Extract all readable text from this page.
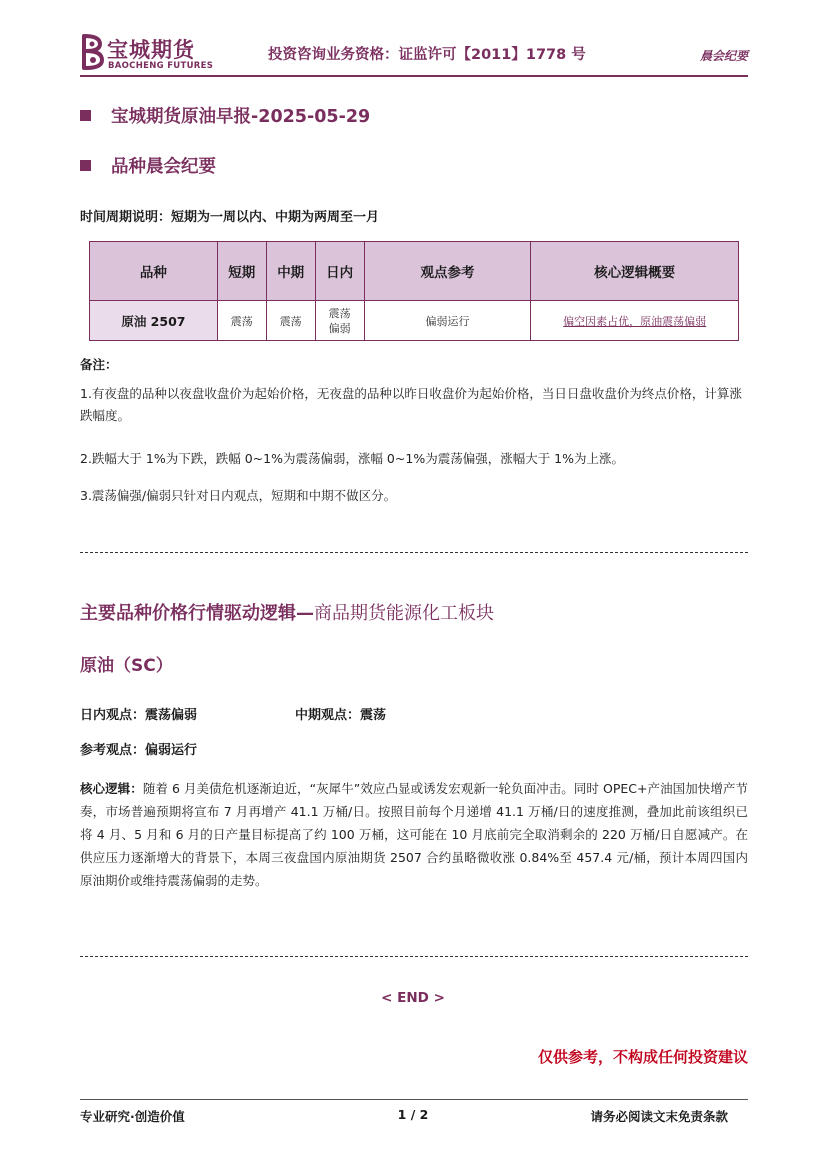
宝城期货
BAOCHENG FUTURES
投资咨询业务资格：证监许可【2011】1778 号	晨会纪要
宝城期货原油早报-2025-05-29
品种晨会纪要
时间周期说明：短期为一周以内、中期为两周至一月
品种	短期	中期	日内	观点参考	核心逻辑概要
原油 2507	震荡	震荡	震荡偏弱	偏弱运行	偏空因素占优，原油震荡偏弱
备注：
1.有夜盘的品种以夜盘收盘价为起始价格，无夜盘的品种以昨日收盘价为起始价格，当日日盘收盘价为终点价格，计算涨跌幅度。
2.跌幅大于 1%为下跌，跌幅 0~1%为震荡偏弱，涨幅 0~1%为震荡偏强，涨幅大于 1%为上涨。
3.震荡偏强/偏弱只针对日内观点，短期和中期不做区分。
主要品种价格行情驱动逻辑—商品期货能源化工板块
原油（SC）
日内观点：震荡偏弱	中期观点：震荡
参考观点：偏弱运行
核心逻辑：随着 6 月美债危机逐渐迫近，“灰犀牛”效应凸显或诱发宏观新一轮负面冲击。同时 OPEC+产油国加快增产节奏，市场普遍预期将宣布 7 月再增产 41.1 万桶/日。按照目前每个月递增 41.1 万桶/日的速度推测，叠加此前该组织已将 4 月、5 月和 6 月的日产量目标提高了约 100 万桶，这可能在 10 月底前完全取消剩余的 220 万桶/日自愿减产。在供应压力逐渐增大的背景下，本周三夜盘国内原油期货 2507 合约虽略微收涨 0.84%至 457.4 元/桶，预计本周四国内原油期价或维持震荡偏弱的走势。
< END >
仅供参考，不构成任何投资建议
专业研究·创造价值	1 / 2	请务必阅读文末免责条款
